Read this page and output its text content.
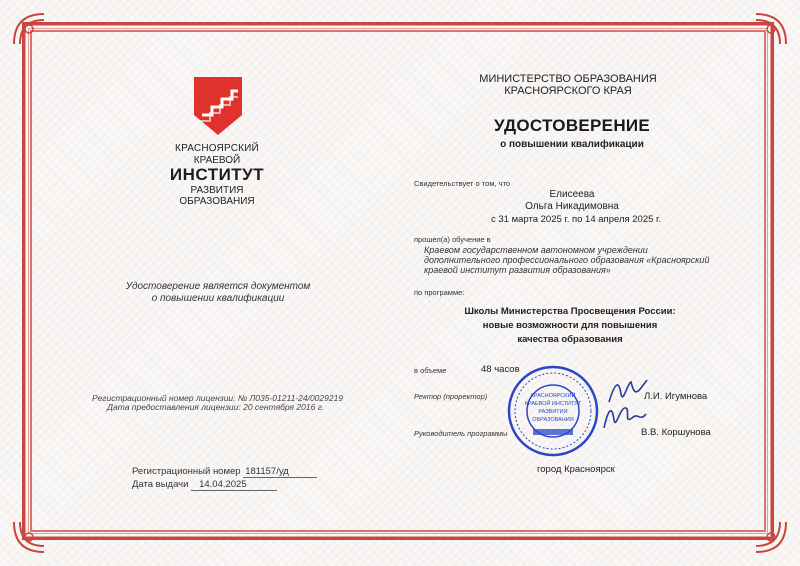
КРАСНОЯРСКИЙ
КРАЕВОЙ
ИНСТИТУТ
РАЗВИТИЯ
ОБРАЗОВАНИЯ
Удостоверение является документом
о повышении квалификации
Регистрационный номер лицензии: № Л035-01211-24/0029219
Дата предоставления лицензии: 20 сентября 2016 г.
Регистрационный номер 181157/уд
Дата выдачи 14.04.2025
МИНИСТЕРСТВО ОБРАЗОВАНИЯ
КРАСНОЯРСКОГО КРАЯ
УДОСТОВЕРЕНИЕ
о повышении квалификации
Свидетельствует о том, что
Елисеева
Ольга Никадимовна
с 31 марта 2025 г. по 14 апреля 2025 г.
прошел(а) обучение в
Краевом государственном автономном учреждении
дополнительного профессионального образования «Красноярский
краевой институт развития образования»
по программе:
Школы Министерства Просвещения России:
новые возможности для повышения
качества образования
в объеме	48 часов
Ректор (проректор)	Л.И. Игумнова
Руководитель программы	В.В. Коршунова
КРАСНОЯРСКИЙ
КРАЕВОЙ ИНСТИТУТ
РАЗВИТИЯ
ОБРАЗОВАНИЯ
город Красноярск
